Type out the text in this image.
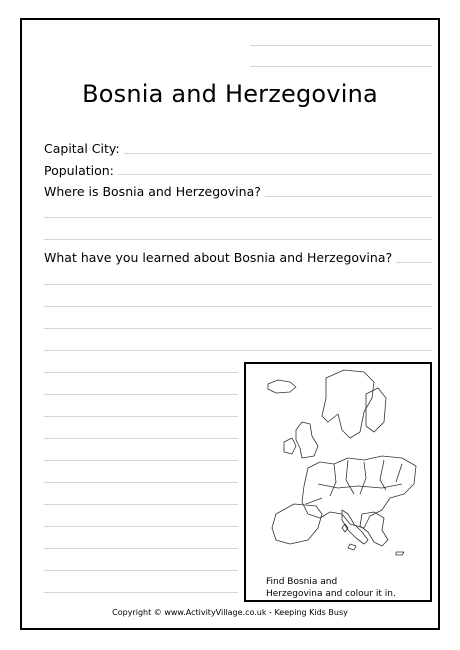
Bosnia and Herzegovina
Capital City:
Population:
Where is Bosnia and Herzegovina?
What have you learned about Bosnia and Herzegovina?
Find Bosnia and
Herzegovina and colour it in.
Copyright © www.ActivityVillage.co.uk - Keeping Kids Busy
